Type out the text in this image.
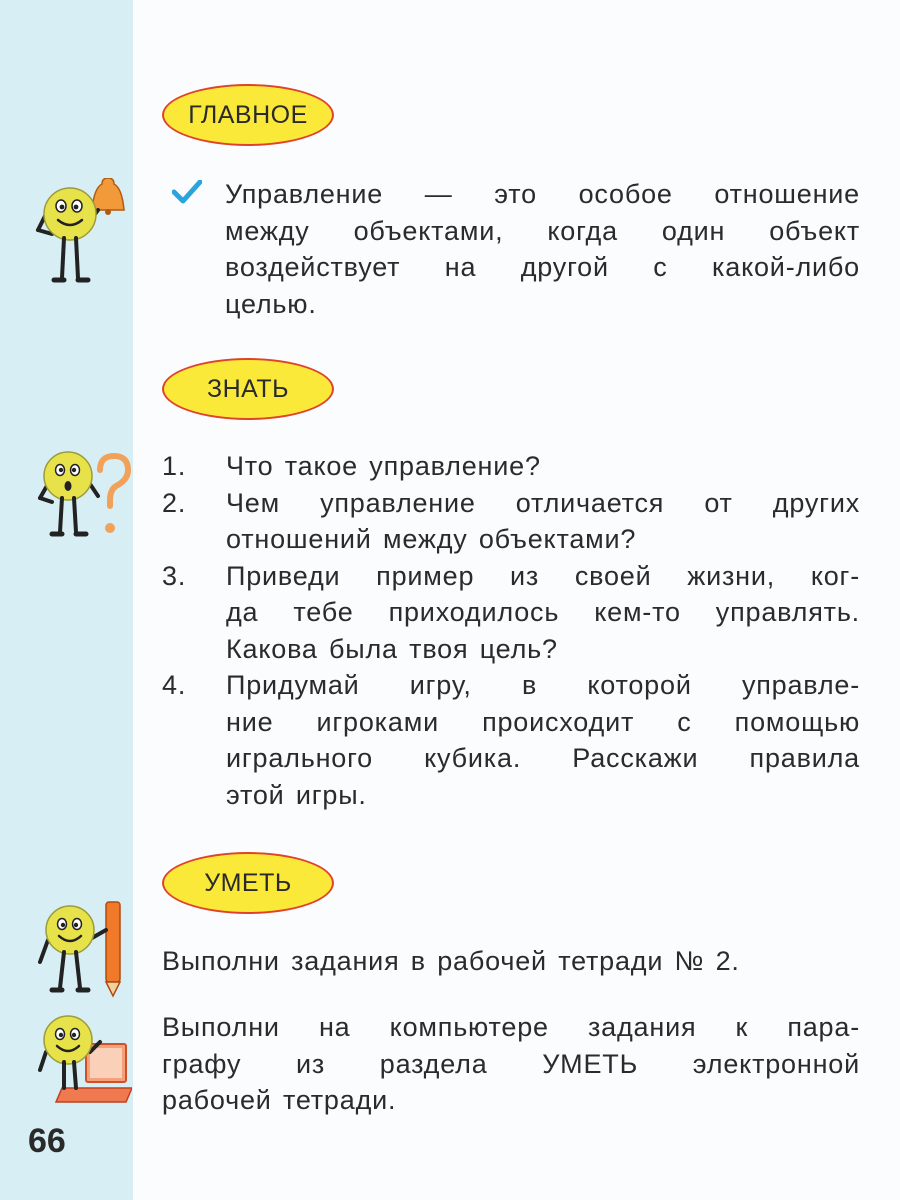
ГЛАВНОЕ
Управление — это особое отношение
между объектами, когда один объект
воздействует на другой с какой-либо
целью.
ЗНАТЬ
1. Что такое управление?
2. Чем управление отличается от других
отношений между объектами?
3. Приведи пример из своей жизни, ког-
да тебе приходилось кем-то управлять.
Какова была твоя цель?
4. Придумай игру, в которой управле-
ние игроками происходит с помощью
игрального кубика. Расскажи правила
этой игры.
УМЕТЬ
Выполни задания в рабочей тетради № 2.
Выполни на компьютере задания к пара-
графу из раздела УМЕТЬ электронной
рабочей тетради.
66
